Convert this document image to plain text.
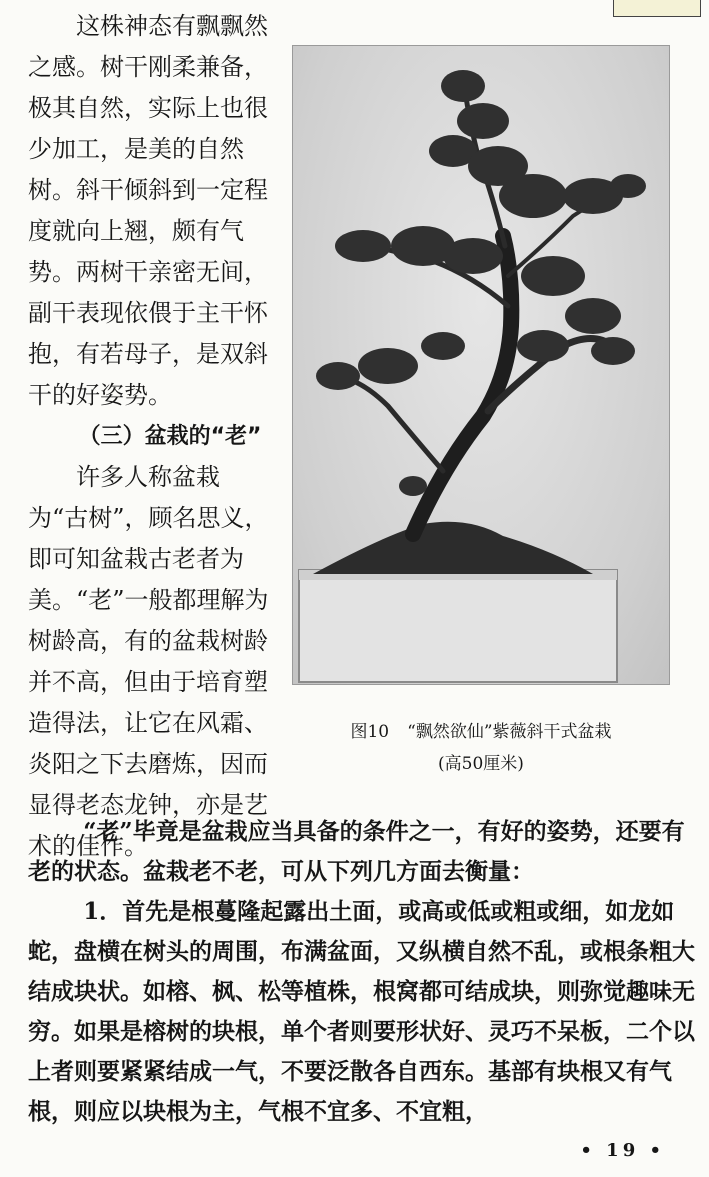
这株神态有飘飘然之感。树干刚柔兼备，极其自然，实际上也很少加工，是美的自然树。斜干倾斜到一定程度就向上翘，颇有气势。两树干亲密无间，副干表现依偎于主干怀抱，有若母子，是双斜干的好姿势。

（三）盆栽的“老”

许多人称盆栽为“古树”，顾名思义，即可知盆栽古老者为美。“老”一般都理解为树龄高，有的盆栽树龄并不高，但由于培育塑造得法，让它在风霜、炎阳之下去磨炼，因而显得老态龙钟，亦是艺术的佳作。

图10 “飘然欲仙”紫薇斜干式盆栽
(高50厘米)

“老”毕竟是盆栽应当具备的条件之一，有好的姿势，还要有老的状态。盆栽老不老，可从下列几方面去衡量：

1．首先是根蔓隆起露出土面，或高或低或粗或细，如龙如蛇，盘横在树头的周围，布满盆面，又纵横自然不乱，或根条粗大结成块状。如榕、枫、松等植株，根窝都可结成块，则弥觉趣味无穷。如果是榕树的块根，单个者则要形状好、灵巧不呆板，二个以上者则要紧紧结成一气，不要泛散各自西东。基部有块根又有气根，则应以块根为主，气根不宜多、不宜粗，

• 19 •
